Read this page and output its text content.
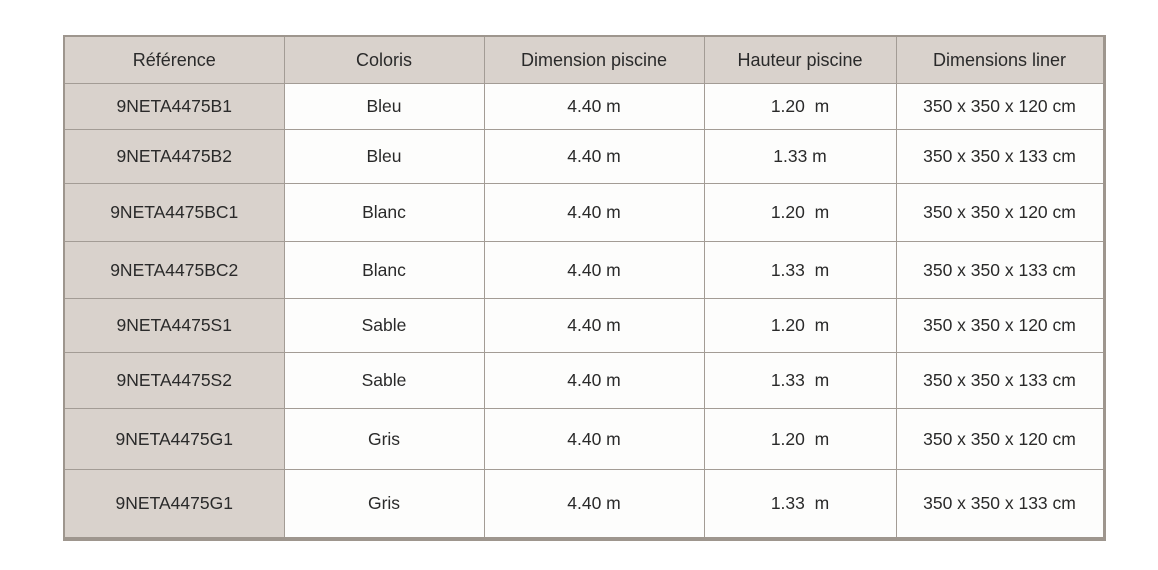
Référence	Coloris	Dimension piscine	Hauteur piscine	Dimensions liner
9NETA4475B1	Bleu	4.40 m	1.20  m	350 x 350 x 120 cm
9NETA4475B2	Bleu	4.40 m	1.33 m	350 x 350 x 133 cm
9NETA4475BC1	Blanc	4.40 m	1.20  m	350 x 350 x 120 cm
9NETA4475BC2	Blanc	4.40 m	1.33  m	350 x 350 x 133 cm
9NETA4475S1	Sable	4.40 m	1.20  m	350 x 350 x 120 cm
9NETA4475S2	Sable	4.40 m	1.33  m	350 x 350 x 133 cm
9NETA4475G1	Gris	4.40 m	1.20  m	350 x 350 x 120 cm
9NETA4475G1	Gris	4.40 m	1.33  m	350 x 350 x 133 cm
